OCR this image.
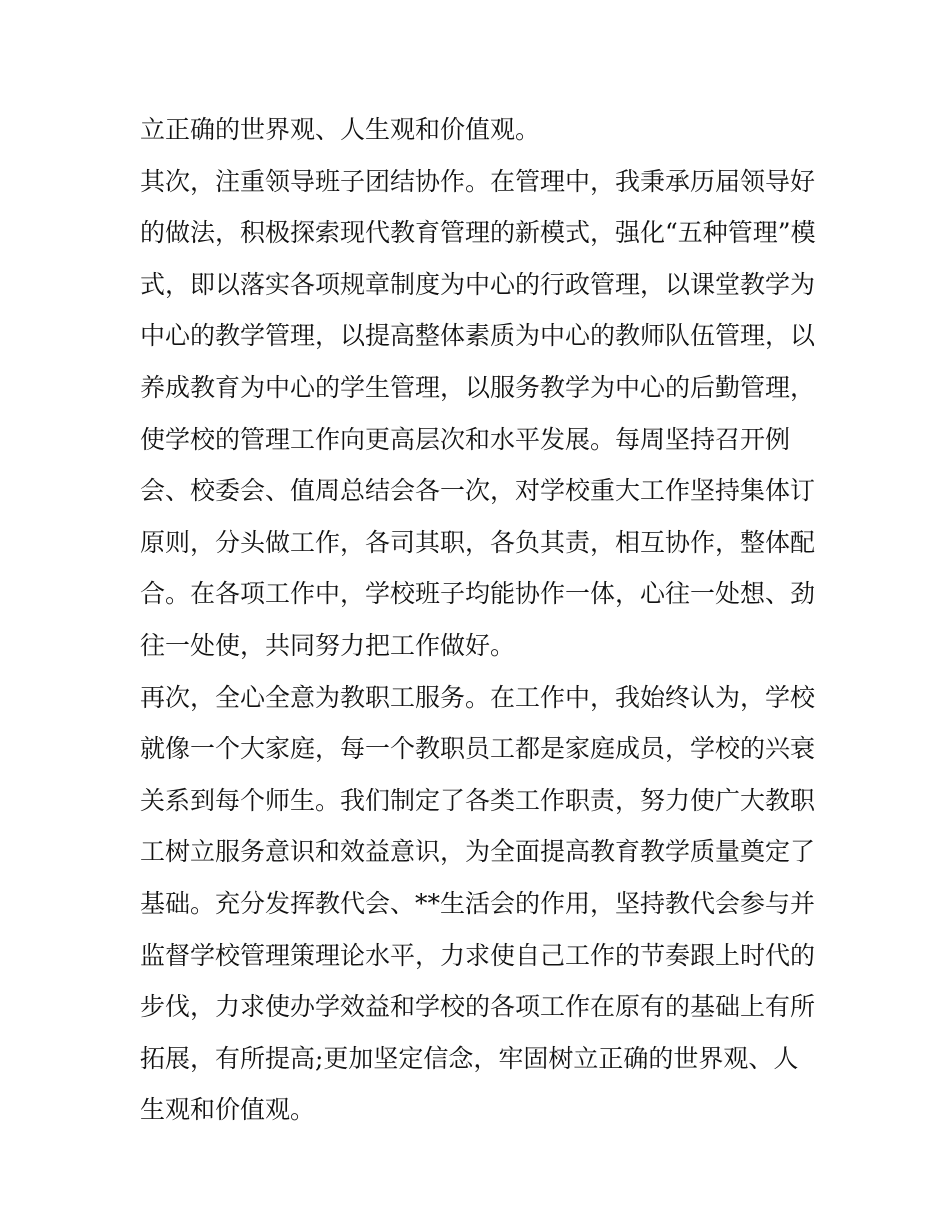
立正确的世界观、人生观和价值观。
其次，注重领导班子团结协作。在管理中，我秉承历届领导好
的做法，积极探索现代教育管理的新模式，强化“五种管理”模
式，即以落实各项规章制度为中心的行政管理，以课堂教学为
中心的教学管理，以提高整体素质为中心的教师队伍管理，以
养成教育为中心的学生管理，以服务教学为中心的后勤管理，
使学校的管理工作向更高层次和水平发展。每周坚持召开例
会、校委会、值周总结会各一次，对学校重大工作坚持集体订
原则，分头做工作，各司其职，各负其责，相互协作，整体配
合。在各项工作中，学校班子均能协作一体，心往一处想、劲
往一处使，共同努力把工作做好。
再次，全心全意为教职工服务。在工作中，我始终认为，学校
就像一个大家庭，每一个教职员工都是家庭成员，学校的兴衰
关系到每个师生。我们制定了各类工作职责，努力使广大教职
工树立服务意识和效益意识，为全面提高教育教学质量奠定了
基础。充分发挥教代会、**生活会的作用，坚持教代会参与并
监督学校管理策理论水平，力求使自己工作的节奏跟上时代的
步伐，力求使办学效益和学校的各项工作在原有的基础上有所
拓展，有所提高;更加坚定信念，牢固树立正确的世界观、人
生观和价值观。
